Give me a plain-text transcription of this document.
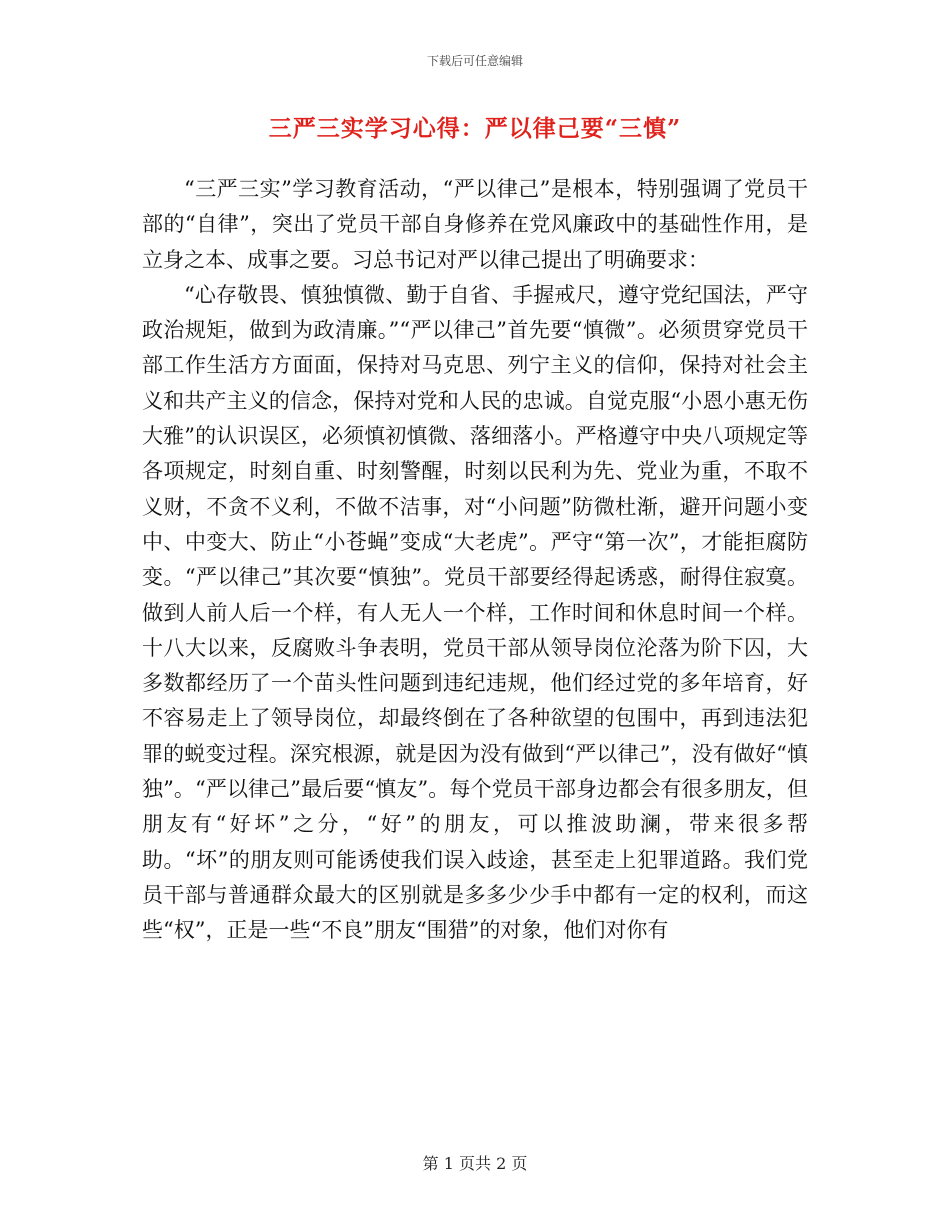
下载后可任意编辑
三严三实学习心得：严以律己要“三慎”

“三严三实”学习教育活动，“严以律己”是根本，特别强调了党员干部的“自律”，突出了党员干部自身修养在党风廉政中的基础性作用，是立身之本、成事之要。习总书记对严以律己提出了明确要求：

“心存敬畏、慎独慎微、勤于自省、手握戒尺，遵守党纪国法，严守政治规矩，做到为政清廉。”“严以律己”首先要“慎微”。必须贯穿党员干部工作生活方方面面，保持对马克思、列宁主义的信仰，保持对社会主义和共产主义的信念，保持对党和人民的忠诚。自觉克服“小恩小惠无伤大雅”的认识误区，必须慎初慎微、落细落小。严格遵守中央八项规定等各项规定，时刻自重、时刻警醒，时刻以民利为先、党业为重，不取不义财，不贪不义利，不做不洁事，对“小问题”防微杜渐，避开问题小变中、中变大、防止“小苍蝇”变成“大老虎”。严守“第一次”，才能拒腐防变。“严以律己”其次要“慎独”。党员干部要经得起诱惑，耐得住寂寞。做到人前人后一个样，有人无人一个样，工作时间和休息时间一个样。十八大以来，反腐败斗争表明，党员干部从领导岗位沦落为阶下囚，大多数都经历了一个苗头性问题到违纪违规，他们经过党的多年培育，好不容易走上了领导岗位，却最终倒在了各种欲望的包围中，再到违法犯罪的蜕变过程。深究根源，就是因为没有做到“严以律己”，没有做好“慎独”。“严以律己”最后要“慎友”。每个党员干部身边都会有很多朋友，但朋友有“好坏”之分，“好”的朋友，可以推波助澜，带来很多帮助。“坏”的朋友则可能诱使我们误入歧途，甚至走上犯罪道路。我们党员干部与普通群众最大的区别就是多多少少手中都有一定的权利，而这些“权”，正是一些“不良”朋友“围猎”的对象，他们对你有

第 1 页共 2 页
